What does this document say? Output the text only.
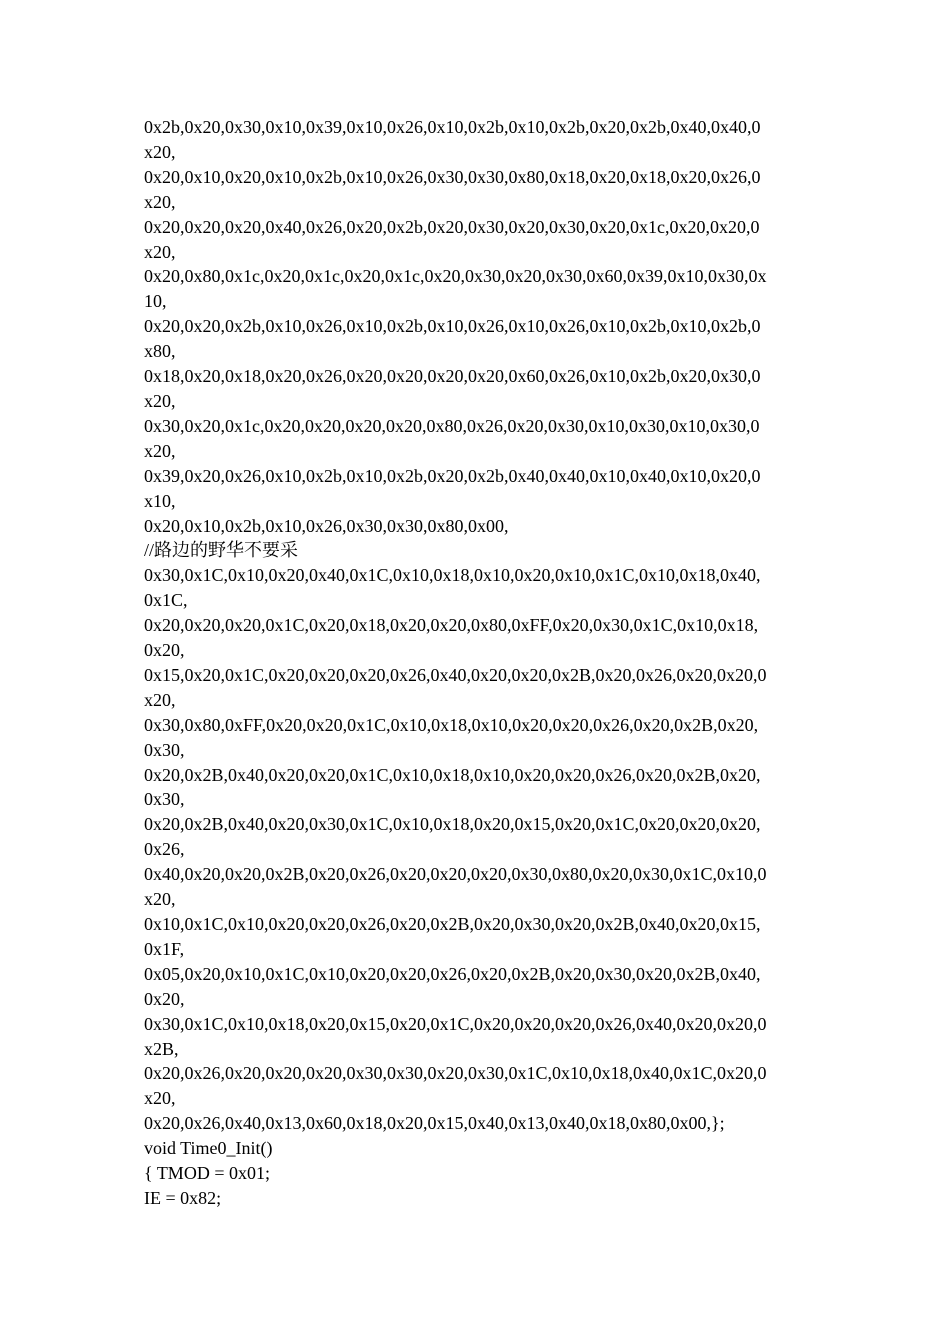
0x2b,0x20,0x30,0x10,0x39,0x10,0x26,0x10,0x2b,0x10,0x2b,0x20,0x2b,0x40,0x40,0
x20,
0x20,0x10,0x20,0x10,0x2b,0x10,0x26,0x30,0x30,0x80,0x18,0x20,0x18,0x20,0x26,0
x20,
0x20,0x20,0x20,0x40,0x26,0x20,0x2b,0x20,0x30,0x20,0x30,0x20,0x1c,0x20,0x20,0
x20,
0x20,0x80,0x1c,0x20,0x1c,0x20,0x1c,0x20,0x30,0x20,0x30,0x60,0x39,0x10,0x30,0x
10,
0x20,0x20,0x2b,0x10,0x26,0x10,0x2b,0x10,0x26,0x10,0x26,0x10,0x2b,0x10,0x2b,0
x80,
0x18,0x20,0x18,0x20,0x26,0x20,0x20,0x20,0x20,0x60,0x26,0x10,0x2b,0x20,0x30,0
x20,
0x30,0x20,0x1c,0x20,0x20,0x20,0x20,0x80,0x26,0x20,0x30,0x10,0x30,0x10,0x30,0
x20,
0x39,0x20,0x26,0x10,0x2b,0x10,0x2b,0x20,0x2b,0x40,0x40,0x10,0x40,0x10,0x20,0
x10,
0x20,0x10,0x2b,0x10,0x26,0x30,0x30,0x80,0x00,
//路边的野华不要采
0x30,0x1C,0x10,0x20,0x40,0x1C,0x10,0x18,0x10,0x20,0x10,0x1C,0x10,0x18,0x40,
0x1C,
0x20,0x20,0x20,0x1C,0x20,0x18,0x20,0x20,0x80,0xFF,0x20,0x30,0x1C,0x10,0x18,
0x20,
0x15,0x20,0x1C,0x20,0x20,0x20,0x26,0x40,0x20,0x20,0x2B,0x20,0x26,0x20,0x20,0
x20,
0x30,0x80,0xFF,0x20,0x20,0x1C,0x10,0x18,0x10,0x20,0x20,0x26,0x20,0x2B,0x20,
0x30,
0x20,0x2B,0x40,0x20,0x20,0x1C,0x10,0x18,0x10,0x20,0x20,0x26,0x20,0x2B,0x20,
0x30,
0x20,0x2B,0x40,0x20,0x30,0x1C,0x10,0x18,0x20,0x15,0x20,0x1C,0x20,0x20,0x20,
0x26,
0x40,0x20,0x20,0x2B,0x20,0x26,0x20,0x20,0x20,0x30,0x80,0x20,0x30,0x1C,0x10,0
x20,
0x10,0x1C,0x10,0x20,0x20,0x26,0x20,0x2B,0x20,0x30,0x20,0x2B,0x40,0x20,0x15,
0x1F,
0x05,0x20,0x10,0x1C,0x10,0x20,0x20,0x26,0x20,0x2B,0x20,0x30,0x20,0x2B,0x40,
0x20,
0x30,0x1C,0x10,0x18,0x20,0x15,0x20,0x1C,0x20,0x20,0x20,0x26,0x40,0x20,0x20,0
x2B,
0x20,0x26,0x20,0x20,0x20,0x30,0x30,0x20,0x30,0x1C,0x10,0x18,0x40,0x1C,0x20,0
x20,
0x20,0x26,0x40,0x13,0x60,0x18,0x20,0x15,0x40,0x13,0x40,0x18,0x80,0x00,};
void Time0_Init()
{ TMOD = 0x01;
IE = 0x82;
